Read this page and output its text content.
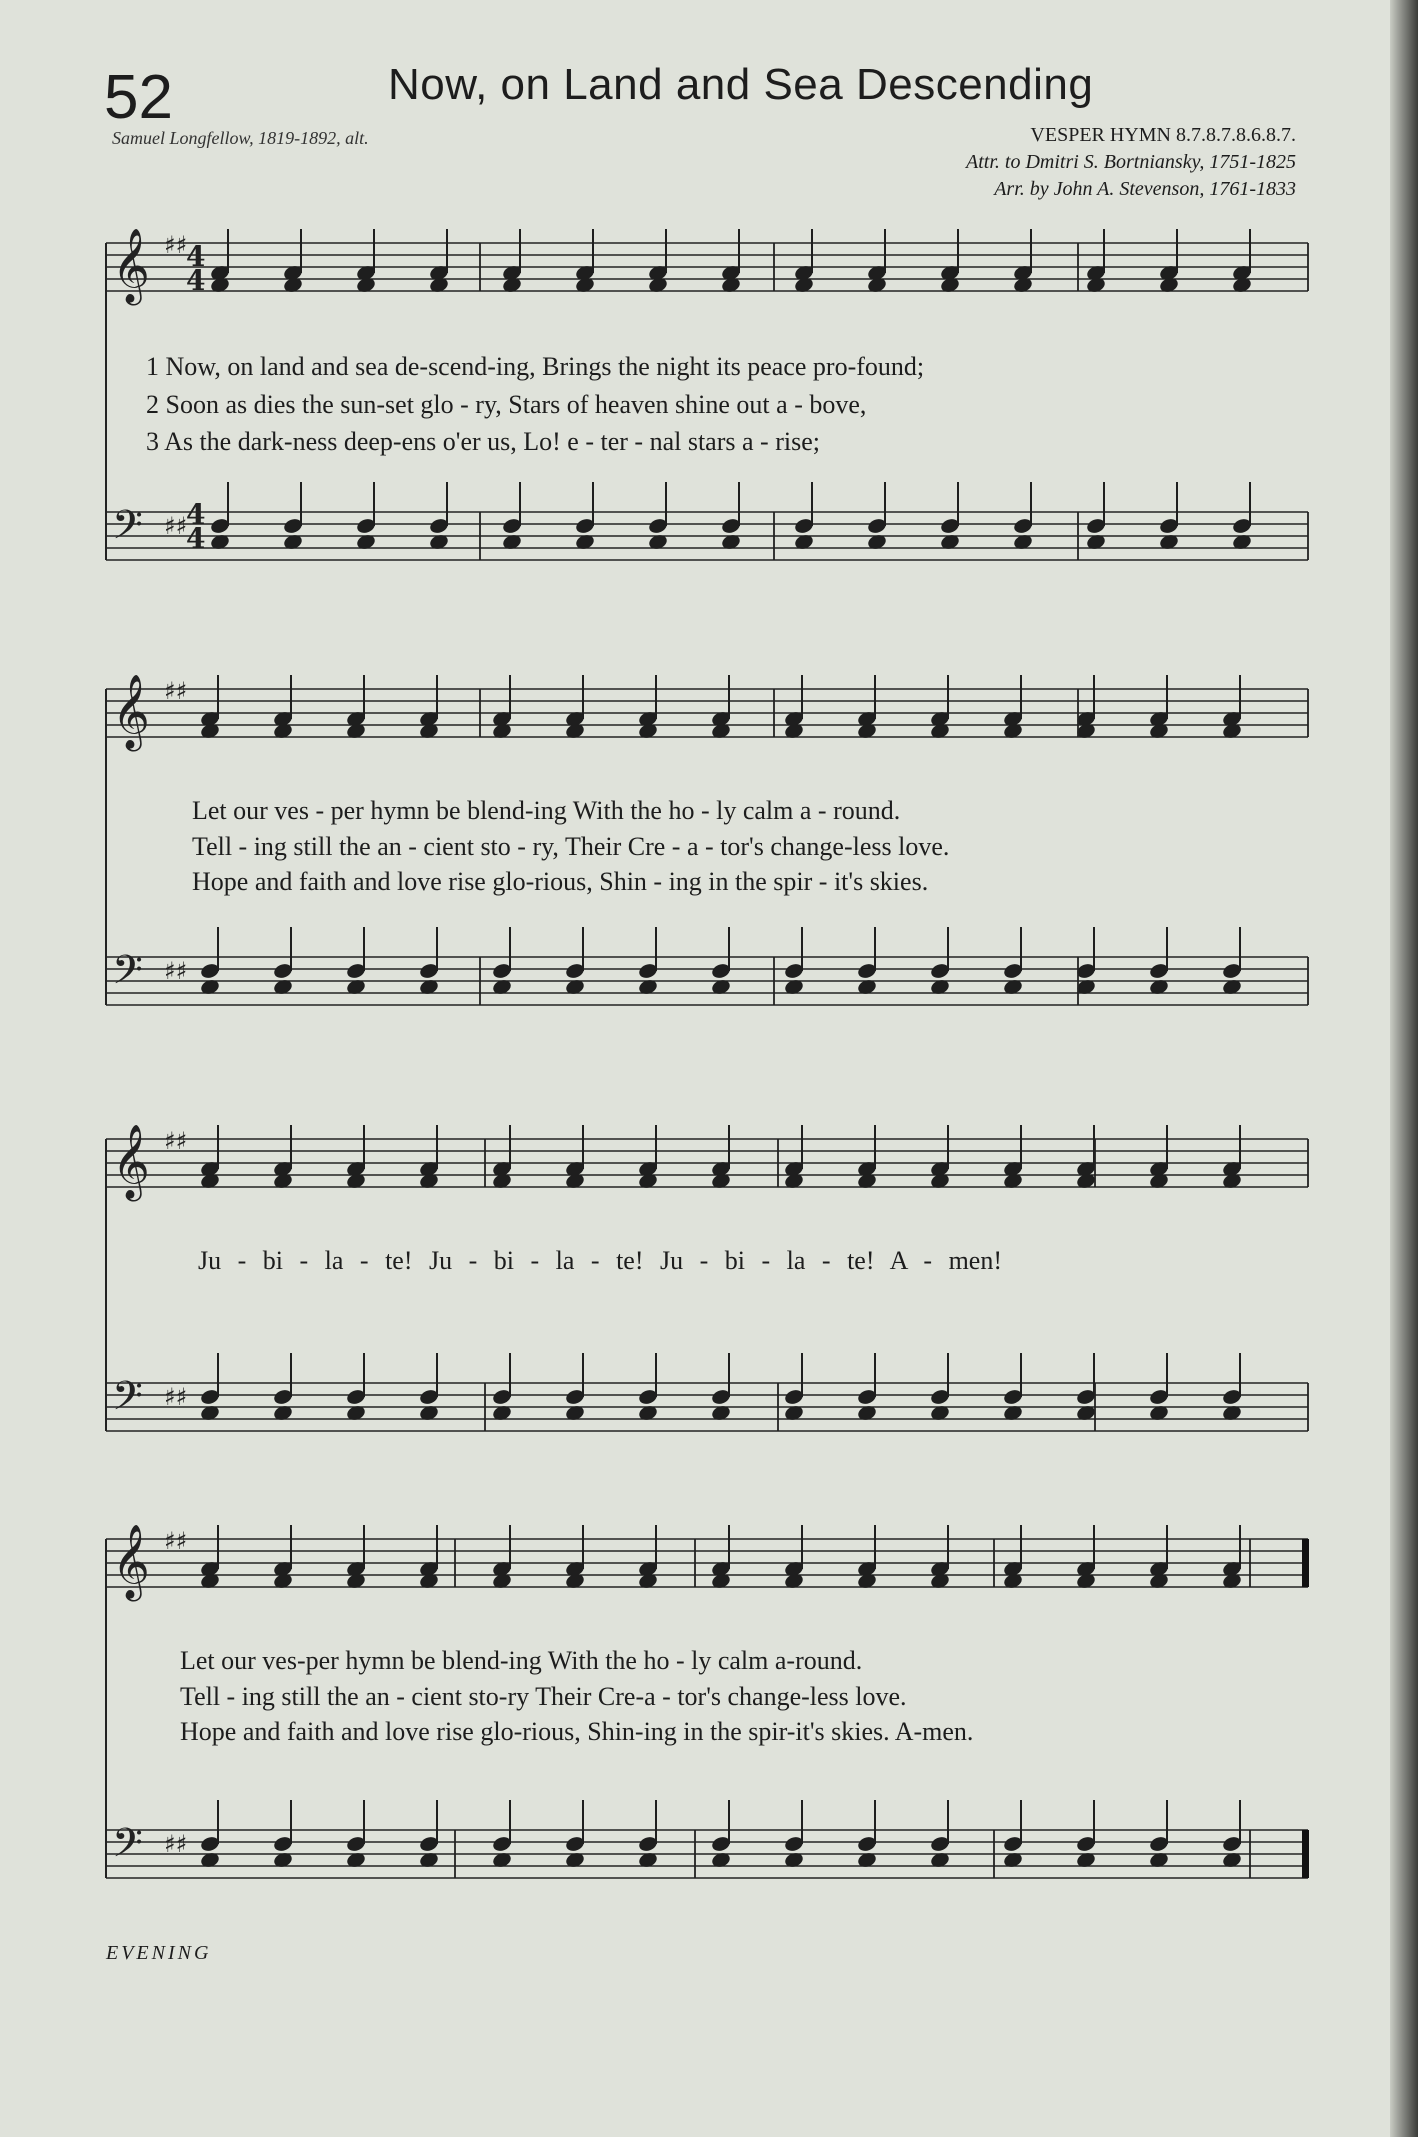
52	Now, on Land and Sea Descending
Samuel Longfellow, 1819-1892, alt.	VESPER HYMN 8.7.8.7.8.6.8.7.
Attr. to Dmitri S. Bortniansky, 1751-1825
Arr. by John A. Stevenson, 1761-1833
𝄞 ♯♯
𝄢 ♯♯
𝄞 ♯♯
𝄢 ♯♯
𝄞 ♯♯
𝄢 ♯♯
𝄞 ♯♯
𝄢 ♯♯
4
4
4
4
1 Now, on land and sea de-scend-ing, Brings the night its peace pro-found;
2 Soon as dies the sun-set glo - ry, Stars of heaven shine out a - bove,
3 As the dark-ness deep-ens o'er us, Lo! e - ter - nal stars a - rise;
Let our ves - per hymn be blend-ing With the ho - ly calm a - round.
Tell - ing still the an - cient sto - ry, Their Cre - a - tor's change-less love.
Hope and faith and love rise glo-rious, Shin - ing in the spir - it's skies.
Ju - bi - la - te! Ju - bi - la - te! Ju - bi - la - te! A - men!
Let our ves-per hymn be blend-ing With the ho - ly calm a-round.
Tell - ing still the an - cient sto-ry Their Cre-a - tor's change-less love.
Hope and faith and love rise glo-rious, Shin-ing in the spir-it's skies. A-men.
EVENING
